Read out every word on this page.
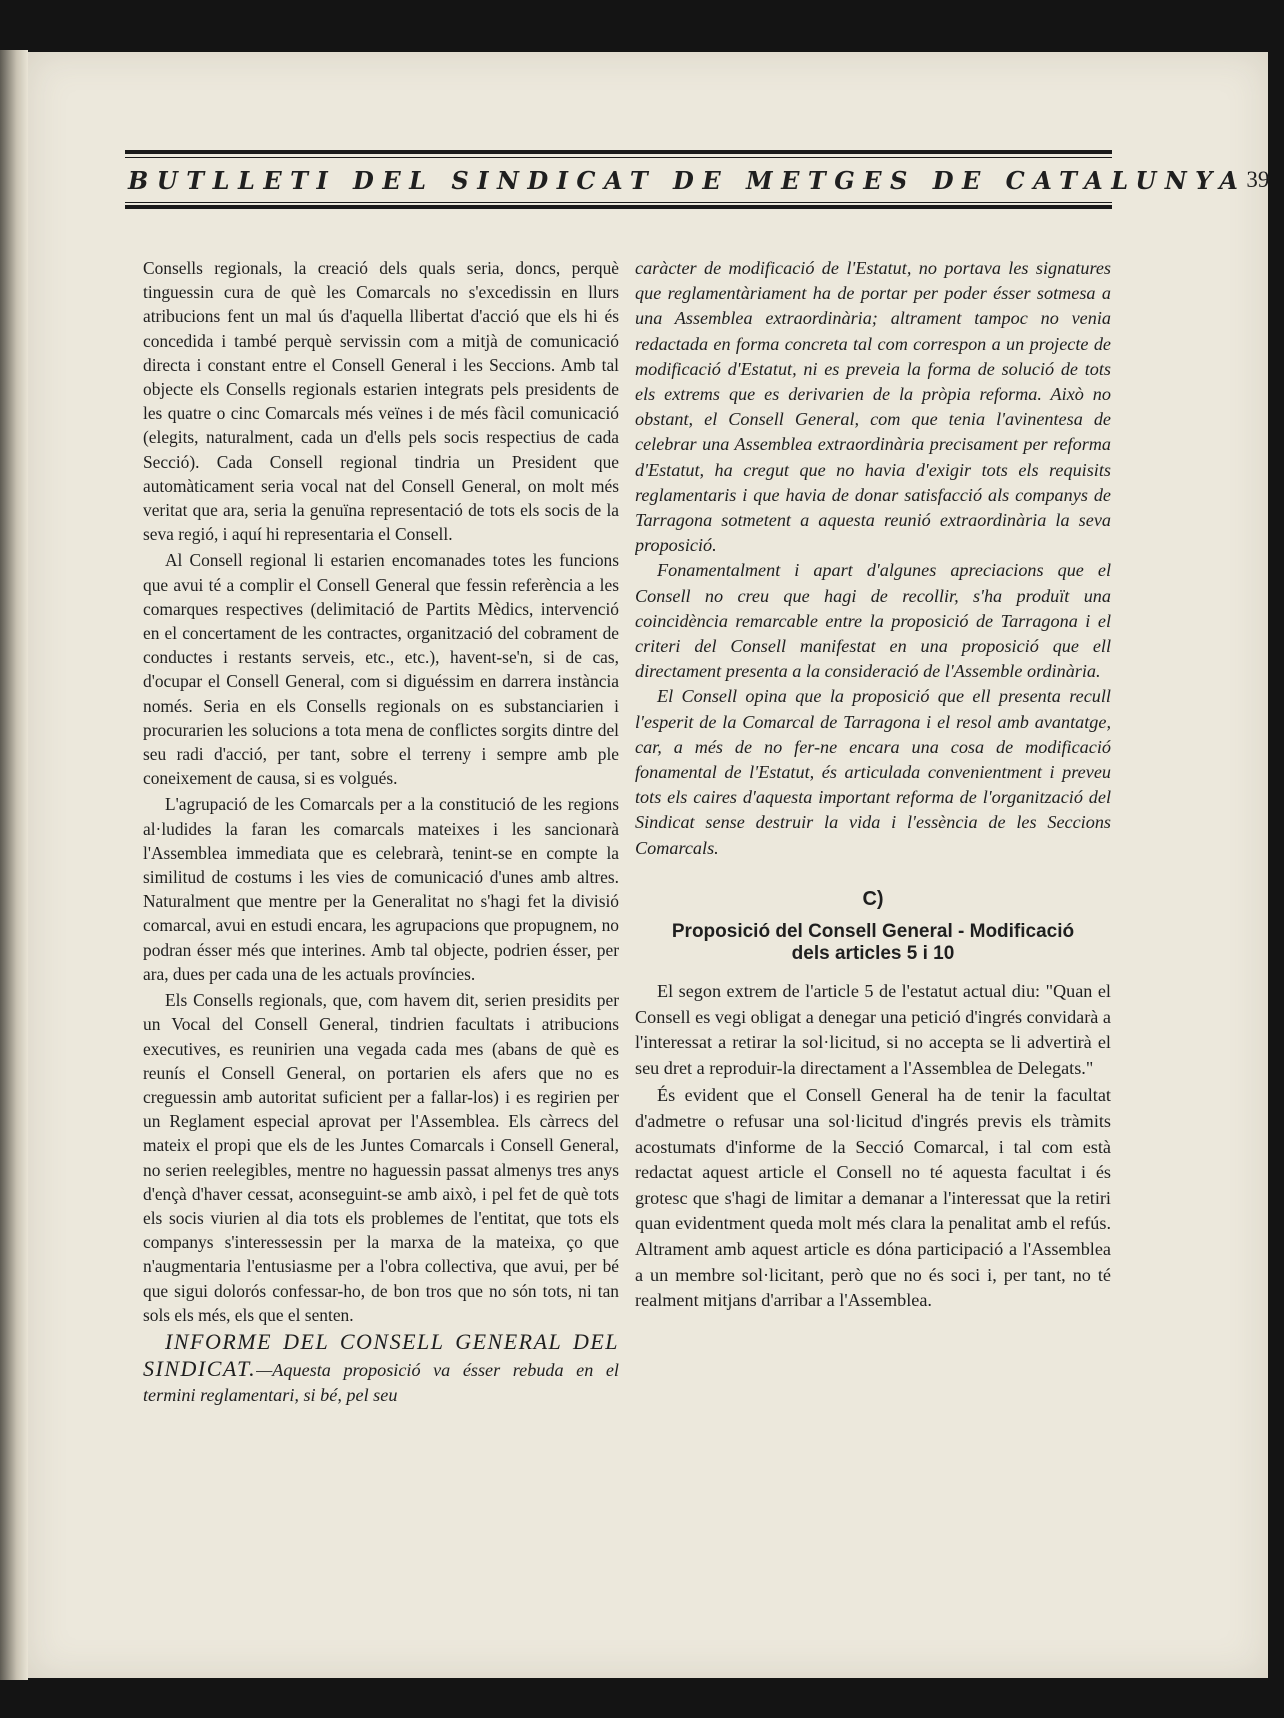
BUTLLETI DEL SINDICAT DE METGES DE CATALUNYA 39

Consells regionals, la creació dels quals seria, doncs, perquè tinguessin cura de què les Comarcals no s'excedissin en llurs atribucions fent un mal ús d'aquella llibertat d'acció que els hi és concedida i també perquè servissin com a mitjà de comunicació directa i constant entre el Consell General i les Seccions. Amb tal objecte els Consells regionals estarien integrats pels presidents de les quatre o cinc Comarcals més veïnes i de més fàcil comunicació (elegits, naturalment, cada un d'ells pels socis respectius de cada Secció). Cada Consell regional tindria un President que automàticament seria vocal nat del Consell General, on molt més veritat que ara, seria la genuïna representació de tots els socis de la seva regió, i aquí hi representaria el Consell.

Al Consell regional li estarien encomanades totes les funcions que avui té a complir el Consell General que fessin referència a les comarques respectives (delimitació de Partits Mèdics, intervenció en el concertament de les contractes, organització del cobrament de conductes i restants serveis, etc., etc.), havent-se'n, si de cas, d'ocupar el Consell General, com si diguéssim en darrera instància només. Seria en els Consells regionals on es substanciarien i procurarien les solucions a tota mena de conflictes sorgits dintre del seu radi d'acció, per tant, sobre el terreny i sempre amb ple coneixement de causa, si es volgués.

L'agrupació de les Comarcals per a la constitució de les regions al·ludides la faran les comarcals mateixes i les sancionarà l'Assemblea immediata que es celebrarà, tenint-se en compte la similitud de costums i les vies de comunicació d'unes amb altres. Naturalment que mentre per la Generalitat no s'hagi fet la divisió comarcal, avui en estudi encara, les agrupacions que propugnem, no podran ésser més que interines. Amb tal objecte, podrien ésser, per ara, dues per cada una de les actuals províncies.

Els Consells regionals, que, com havem dit, serien presidits per un Vocal del Consell General, tindrien facultats i atribucions executives, es reunirien una vegada cada mes (abans de què es reunís el Consell General, on portarien els afers que no es creguessin amb autoritat suficient per a fallar-los) i es regirien per un Reglament especial aprovat per l'Assemblea. Els càrrecs del mateix el propi que els de les Juntes Comarcals i Consell General, no serien reelegibles, mentre no haguessin passat almenys tres anys d'ençà d'haver cessat, aconseguint-se amb això, i pel fet de què tots els socis viurien al dia tots els problemes de l'entitat, que tots els companys s'interessessin per la marxa de la mateixa, ço que n'augmentaria l'entusiasme per a l'obra collectiva, que avui, per bé que sigui dolorós confessar-ho, de bon tros que no són tots, ni tan sols els més, els que el senten.

INFORME DEL CONSELL GENERAL DEL SINDICAT.—Aquesta proposició va ésser rebuda en el termini reglamentari, si bé, pel seu

caràcter de modificació de l'Estatut, no portava les signatures que reglamentàriament ha de portar per poder ésser sotmesa a una Assemblea extraordinària; altrament tampoc no venia redactada en forma concreta tal com correspon a un projecte de modificació d'Estatut, ni es preveia la forma de solució de tots els extrems que es derivarien de la pròpia reforma. Això no obstant, el Consell General, com que tenia l'avinentesa de celebrar una Assemblea extraordinària precisament per reforma d'Estatut, ha cregut que no havia d'exigir tots els requisits reglamentaris i que havia de donar satisfacció als companys de Tarragona sotmetent a aquesta reunió extraordinària la seva proposició.

Fonamentalment i apart d'algunes apreciacions que el Consell no creu que hagi de recollir, s'ha produït una coincidència remarcable entre la proposició de Tarragona i el criteri del Consell manifestat en una proposició que ell directament presenta a la consideració de l'Assemble ordinària.

El Consell opina que la proposició que ell presenta recull l'esperit de la Comarcal de Tarragona i el resol amb avantatge, car, a més de no fer-ne encara una cosa de modificació fonamental de l'Estatut, és articulada convenientment i preveu tots els caires d'aquesta important reforma de l'organització del Sindicat sense destruir la vida i l'essència de les Seccions Comarcals.

C)
Proposició del Consell General - Modificació
dels articles 5 i 10

El segon extrem de l'article 5 de l'estatut actual diu: "Quan el Consell es vegi obligat a denegar una petició d'ingrés convidarà a l'interessat a retirar la sol·licitud, si no accepta se li advertirà el seu dret a reproduir-la directament a l'Assemblea de Delegats."

És evident que el Consell General ha de tenir la facultat d'admetre o refusar una sol·licitud d'ingrés previs els tràmits acostumats d'informe de la Secció Comarcal, i tal com està redactat aquest article el Consell no té aquesta facultat i és grotesc que s'hagi de limitar a demanar a l'interessat que la retiri quan evidentment queda molt més clara la penalitat amb el refús. Altrament amb aquest article es dóna participació a l'Assemblea a un membre sol·licitant, però que no és soci i, per tant, no té realment mitjans d'arribar a l'Assemblea.
